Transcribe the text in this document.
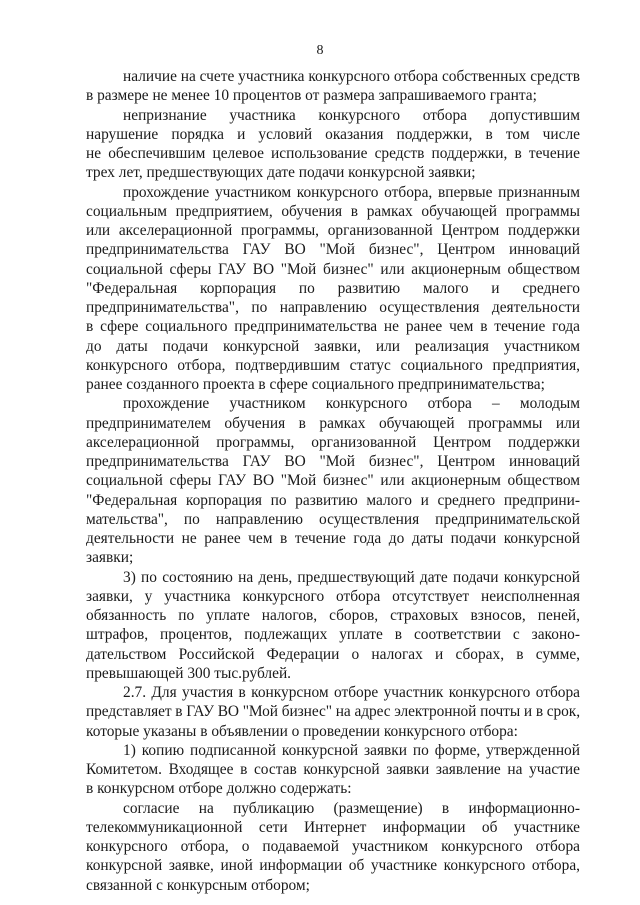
8
наличие на счете участника конкурсного отбора собственных средств
в размере не менее 10 процентов от размера запрашиваемого гранта;
непризнание участника конкурсного отбора допустившим
нарушение порядка и условий оказания поддержки, в том числе
не обеспечившим целевое использование средств поддержки, в течение
трех лет, предшествующих дате подачи конкурсной заявки;
прохождение участником конкурсного отбора, впервые признанным
социальным предприятием, обучения в рамках обучающей программы
или акселерационной программы, организованной Центром поддержки
предпринимательства ГАУ ВО "Мой бизнес", Центром инноваций
социальной сферы ГАУ ВО "Мой бизнес" или акционерным обществом
"Федеральная корпорация по развитию малого и среднего
предпринимательства", по направлению осуществления деятельности
в сфере социального предпринимательства не ранее чем в течение года
до даты подачи конкурсной заявки, или реализация участником
конкурсного отбора, подтвердившим статус социального предприятия,
ранее созданного проекта в сфере социального предпринимательства;
прохождение участником конкурсного отбора – молодым
предпринимателем обучения в рамках обучающей программы или
акселерационной программы, организованной Центром поддержки
предпринимательства ГАУ ВО "Мой бизнес", Центром инноваций
социальной сферы ГАУ ВО "Мой бизнес" или акционерным обществом
"Федеральная корпорация по развитию малого и среднего предприни-
мательства", по направлению осуществления предпринимательской
деятельности не ранее чем в течение года до даты подачи конкурсной
заявки;
3) по состоянию на день, предшествующий дате подачи конкурсной
заявки, у участника конкурсного отбора отсутствует неисполненная
обязанность по уплате налогов, сборов, страховых взносов, пеней,
штрафов, процентов, подлежащих уплате в соответствии с законо-
дательством Российской Федерации о налогах и сборах, в сумме,
превышающей 300 тыс.рублей.
2.7. Для участия в конкурсном отборе участник конкурсного отбора
представляет в ГАУ ВО "Мой бизнес" на адрес электронной почты и в срок,
которые указаны в объявлении о проведении конкурсного отбора:
1) копию подписанной конкурсной заявки по форме, утвержденной
Комитетом. Входящее в состав конкурсной заявки заявление на участие
в конкурсном отборе должно содержать:
согласие на публикацию (размещение) в информационно-
телекоммуникационной сети Интернет информации об участнике
конкурсного отбора, о подаваемой участником конкурсного отбора
конкурсной заявке, иной информации об участнике конкурсного отбора,
связанной с конкурсным отбором;
